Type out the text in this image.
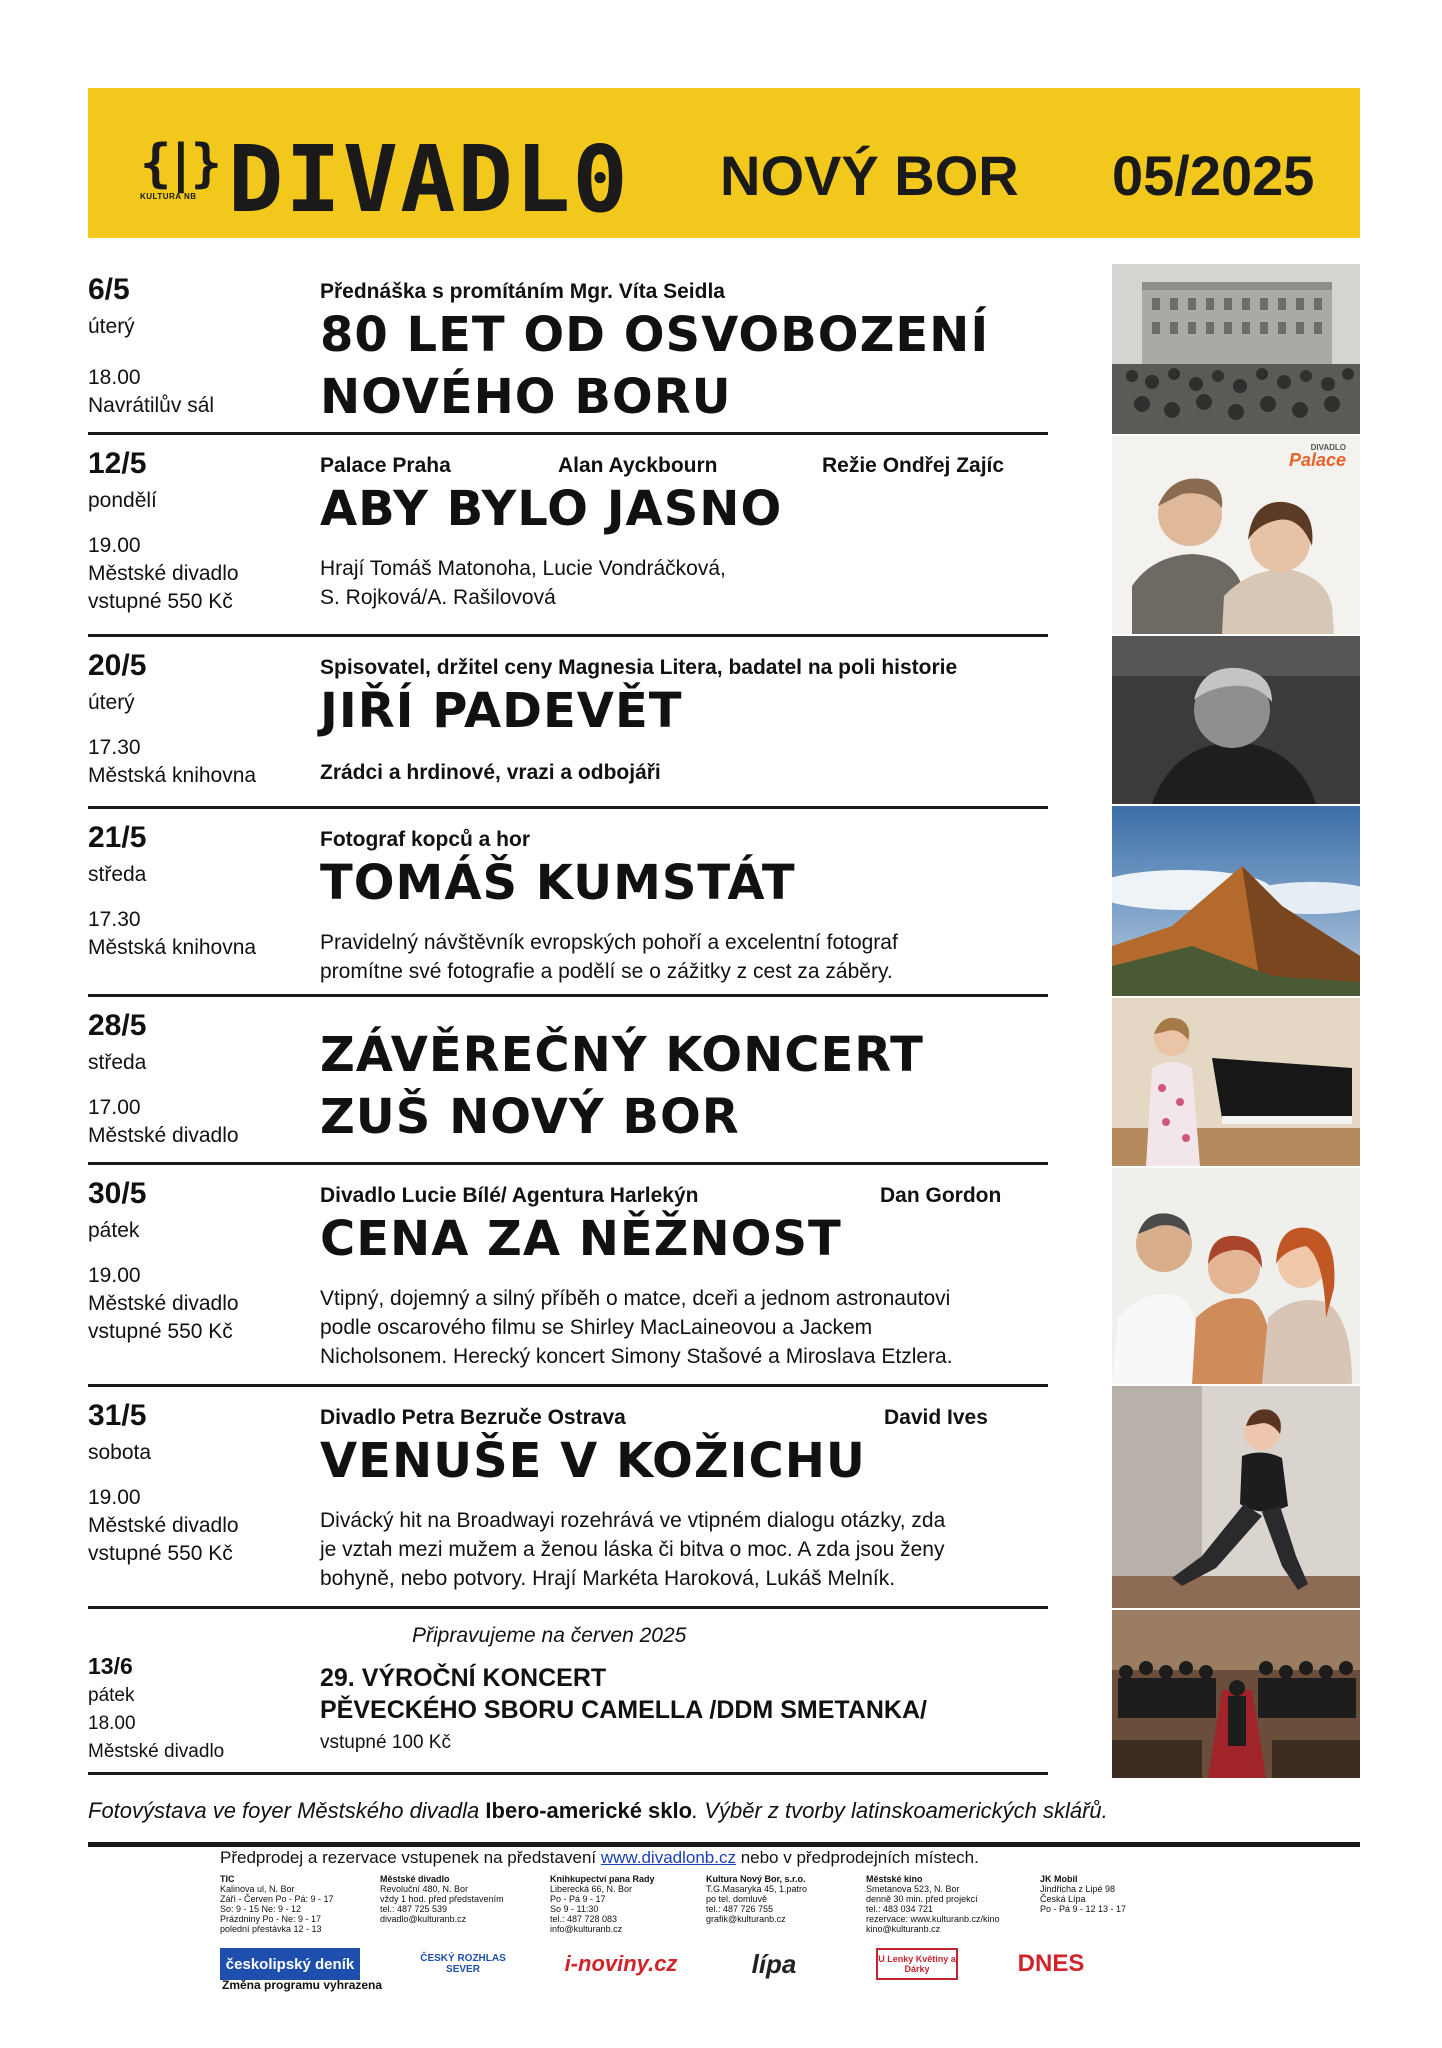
{|}
KULTURA NB DIVADL0 NOVÝ BOR 05/2025
6/5
úterý
18.00
Navrátilův sál
Přednáška s promítáním Mgr. Víta Seidla
80 LET OD OSVOBOZENÍ
NOVÉHO BORU
12/5
pondělí
19.00
Městské divadlo
vstupné 550 Kč
Palace Praha	Alan Ayckbourn	Režie Ondřej Zajíc
ABY BYLO JASNO
Hrají Tomáš Matonoha, Lucie Vondráčková,
S. Rojková/A. Rašilovová
20/5
úterý
17.30
Městská knihovna
Spisovatel, držitel ceny Magnesia Litera, badatel na poli historie
JIŘÍ PADEVĚT
Zrádci a hrdinové, vrazi a odbojáři
21/5
středa
17.30
Městská knihovna
Fotograf kopců a hor
TOMÁŠ KUMSTÁT
Pravidelný návštěvník evropských pohoří a excelentní fotograf
promítne své fotografie a podělí se o zážitky z cest za záběry.
28/5
středa
17.00
Městské divadlo
ZÁVĚREČNÝ KONCERT
ZUŠ NOVÝ BOR
30/5
pátek
19.00
Městské divadlo
vstupné 550 Kč
Divadlo Lucie Bílé/ Agentura Harlekýn	Dan Gordon
CENA ZA NĚŽNOST
Vtipný, dojemný a silný příběh o matce, dceři a jednom astronautovi
podle oscarového filmu se Shirley MacLaineovou a Jackem
Nicholsonem. Herecký koncert Simony Stašové a Miroslava Etzlera.
31/5
sobota
19.00
Městské divadlo
vstupné 550 Kč
Divadlo Petra Bezruče Ostrava	David Ives
VENUŠE V KOŽICHU
Divácký hit na Broadwayi rozehrává ve vtipném dialogu otázky, zda
je vztah mezi mužem a ženou láska či bitva o moc. A zda jsou ženy
bohyně, nebo potvory. Hrají Markéta Haroková, Lukáš Melník.
Připravujeme na červen 2025
13/6
pátek
18.00
Městské divadlo
29. VÝROČNÍ KONCERT
PĚVECKÉHO SBORU CAMELLA /DDM SMETANKA/
vstupné 100 Kč
DIVADLO
Palace
Fotovýstava ve foyer Městského divadla Ibero-americké sklo. Výběr z tvorby latinskoamerických sklářů.
Předprodej a rezervace vstupenek na představení www.divadlonb.cz nebo v předprodejních místech.
TIC
Kalinova ul, N. Bor
Září - Červen Po - Pá: 9 - 17
So: 9 - 15 Ne: 9 - 12
Prázdniny Po - Ne: 9 - 17
polední přestávka 12 - 13
Městské divadlo
Revoluční 480, N. Bor
vždy 1 hod. před představením
tel.: 487 725 539
divadlo@kulturanb.cz
Knihkupectví pana Rady
Liberecká 66, N. Bor
Po - Pá 9 - 17
So 9 - 11:30
tel.: 487 728 083
info@kulturanb.cz
Kultura Nový Bor, s.r.o.
T.G.Masaryka 45, 1.patro
po tel. domluvě
tel.: 487 726 755
grafik@kulturanb.cz
Městské kino
Smetanova 523, N. Bor
denně 30 min. před projekcí
tel.: 483 034 721
rezervace: www.kulturanb.cz/kino
kino@kulturanb.cz
JK Mobil
Jindřicha z Lipé 98
Česká Lípa
Po - Pá 9 - 12 13 - 17
českolipský deník	ČESKÝ ROZHLAS SEVER	i-noviny.cz	lípa	U Lenky Květiny a Dárky	DNES
Změna programu vyhrazena
